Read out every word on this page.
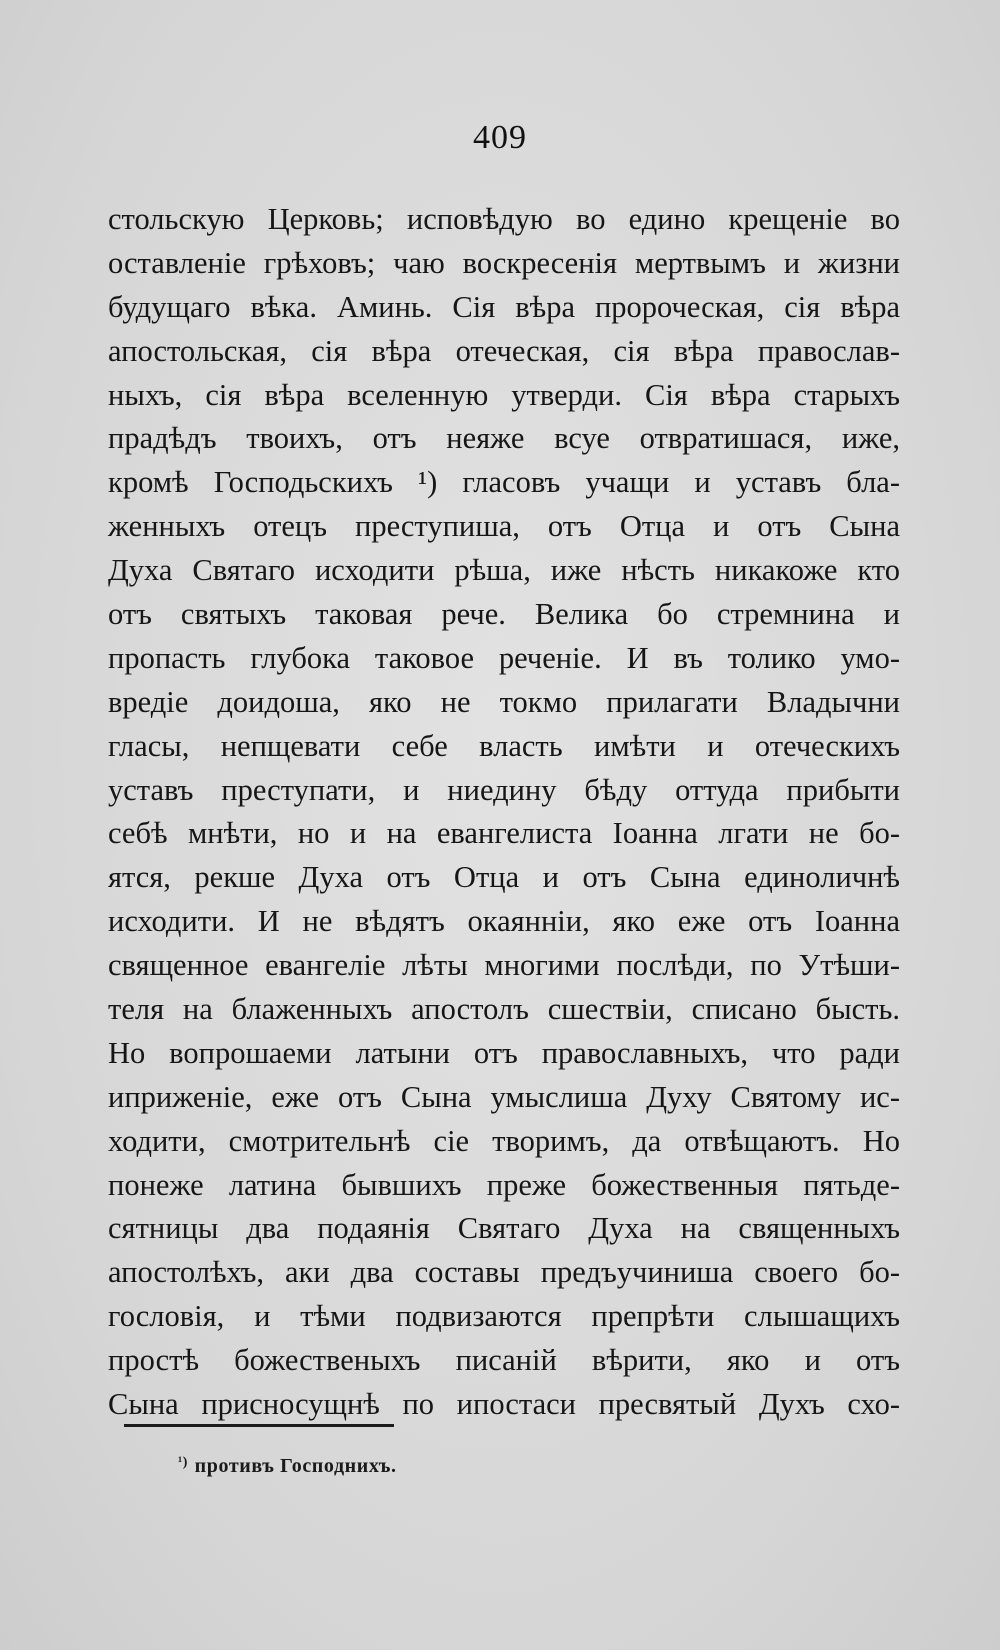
409
стольскую Церковь; исповѣдую во едино крещеніе во
оставленіе грѣховъ; чаю воскресенія мертвымъ и жизни
будущаго вѣка. Аминь. Сія вѣра пророческая, сія вѣра
апостольская, сія вѣра отеческая, сія вѣра православ-
ныхъ, сія вѣра вселенную утверди. Сія вѣра старыхъ
прадѣдъ твоихъ, отъ неяже всуе отвратишася, иже,
кромѣ Господьскихъ ¹) гласовъ учащи и уставъ бла-
женныхъ отецъ преступиша, отъ Отца и отъ Сына
Духа Святаго исходити рѣша, иже нѣсть никакоже кто
отъ святыхъ таковая рече. Велика бо стремнина и
пропасть глубока таковое реченіе. И въ толико умо-
вредіе доидоша, яко не токмо прилагати Владычни
гласы, непщевати себе власть имѣти и отеческихъ
уставъ преступати, и ниедину бѣду оттуда прибыти
себѣ мнѣти, но и на евангелиста Іоанна лгати не бо-
ятся, рекше Духа отъ Отца и отъ Сына единоличнѣ
исходити. И не вѣдятъ окаянніи, яко еже отъ Іоанна
священное евангеліе лѣты многими послѣди, по Утѣши-
теля на блаженныхъ апостолъ сшествіи, списано бысть.
Но вопрошаеми латыни отъ православныхъ, что ради
иприженіе, еже отъ Сына умыслиша Духу Святому ис-
ходити, смотрительнѣ сіе творимъ, да отвѣщаютъ. Но
понеже латина бывшихъ преже божественныя пятьде-
сятницы два подаянія Святаго Духа на священныхъ
апостолѣхъ, аки два составы предъучиниша своего бо-
гословія, и тѣми подвизаются препрѣти слышащихъ
простѣ божественыхъ писаній вѣрити, яко и отъ
Сына присносущнѣ по ипостаси пресвятый Духъ схо-
$^{^1)}$ противъ Господнихъ.
